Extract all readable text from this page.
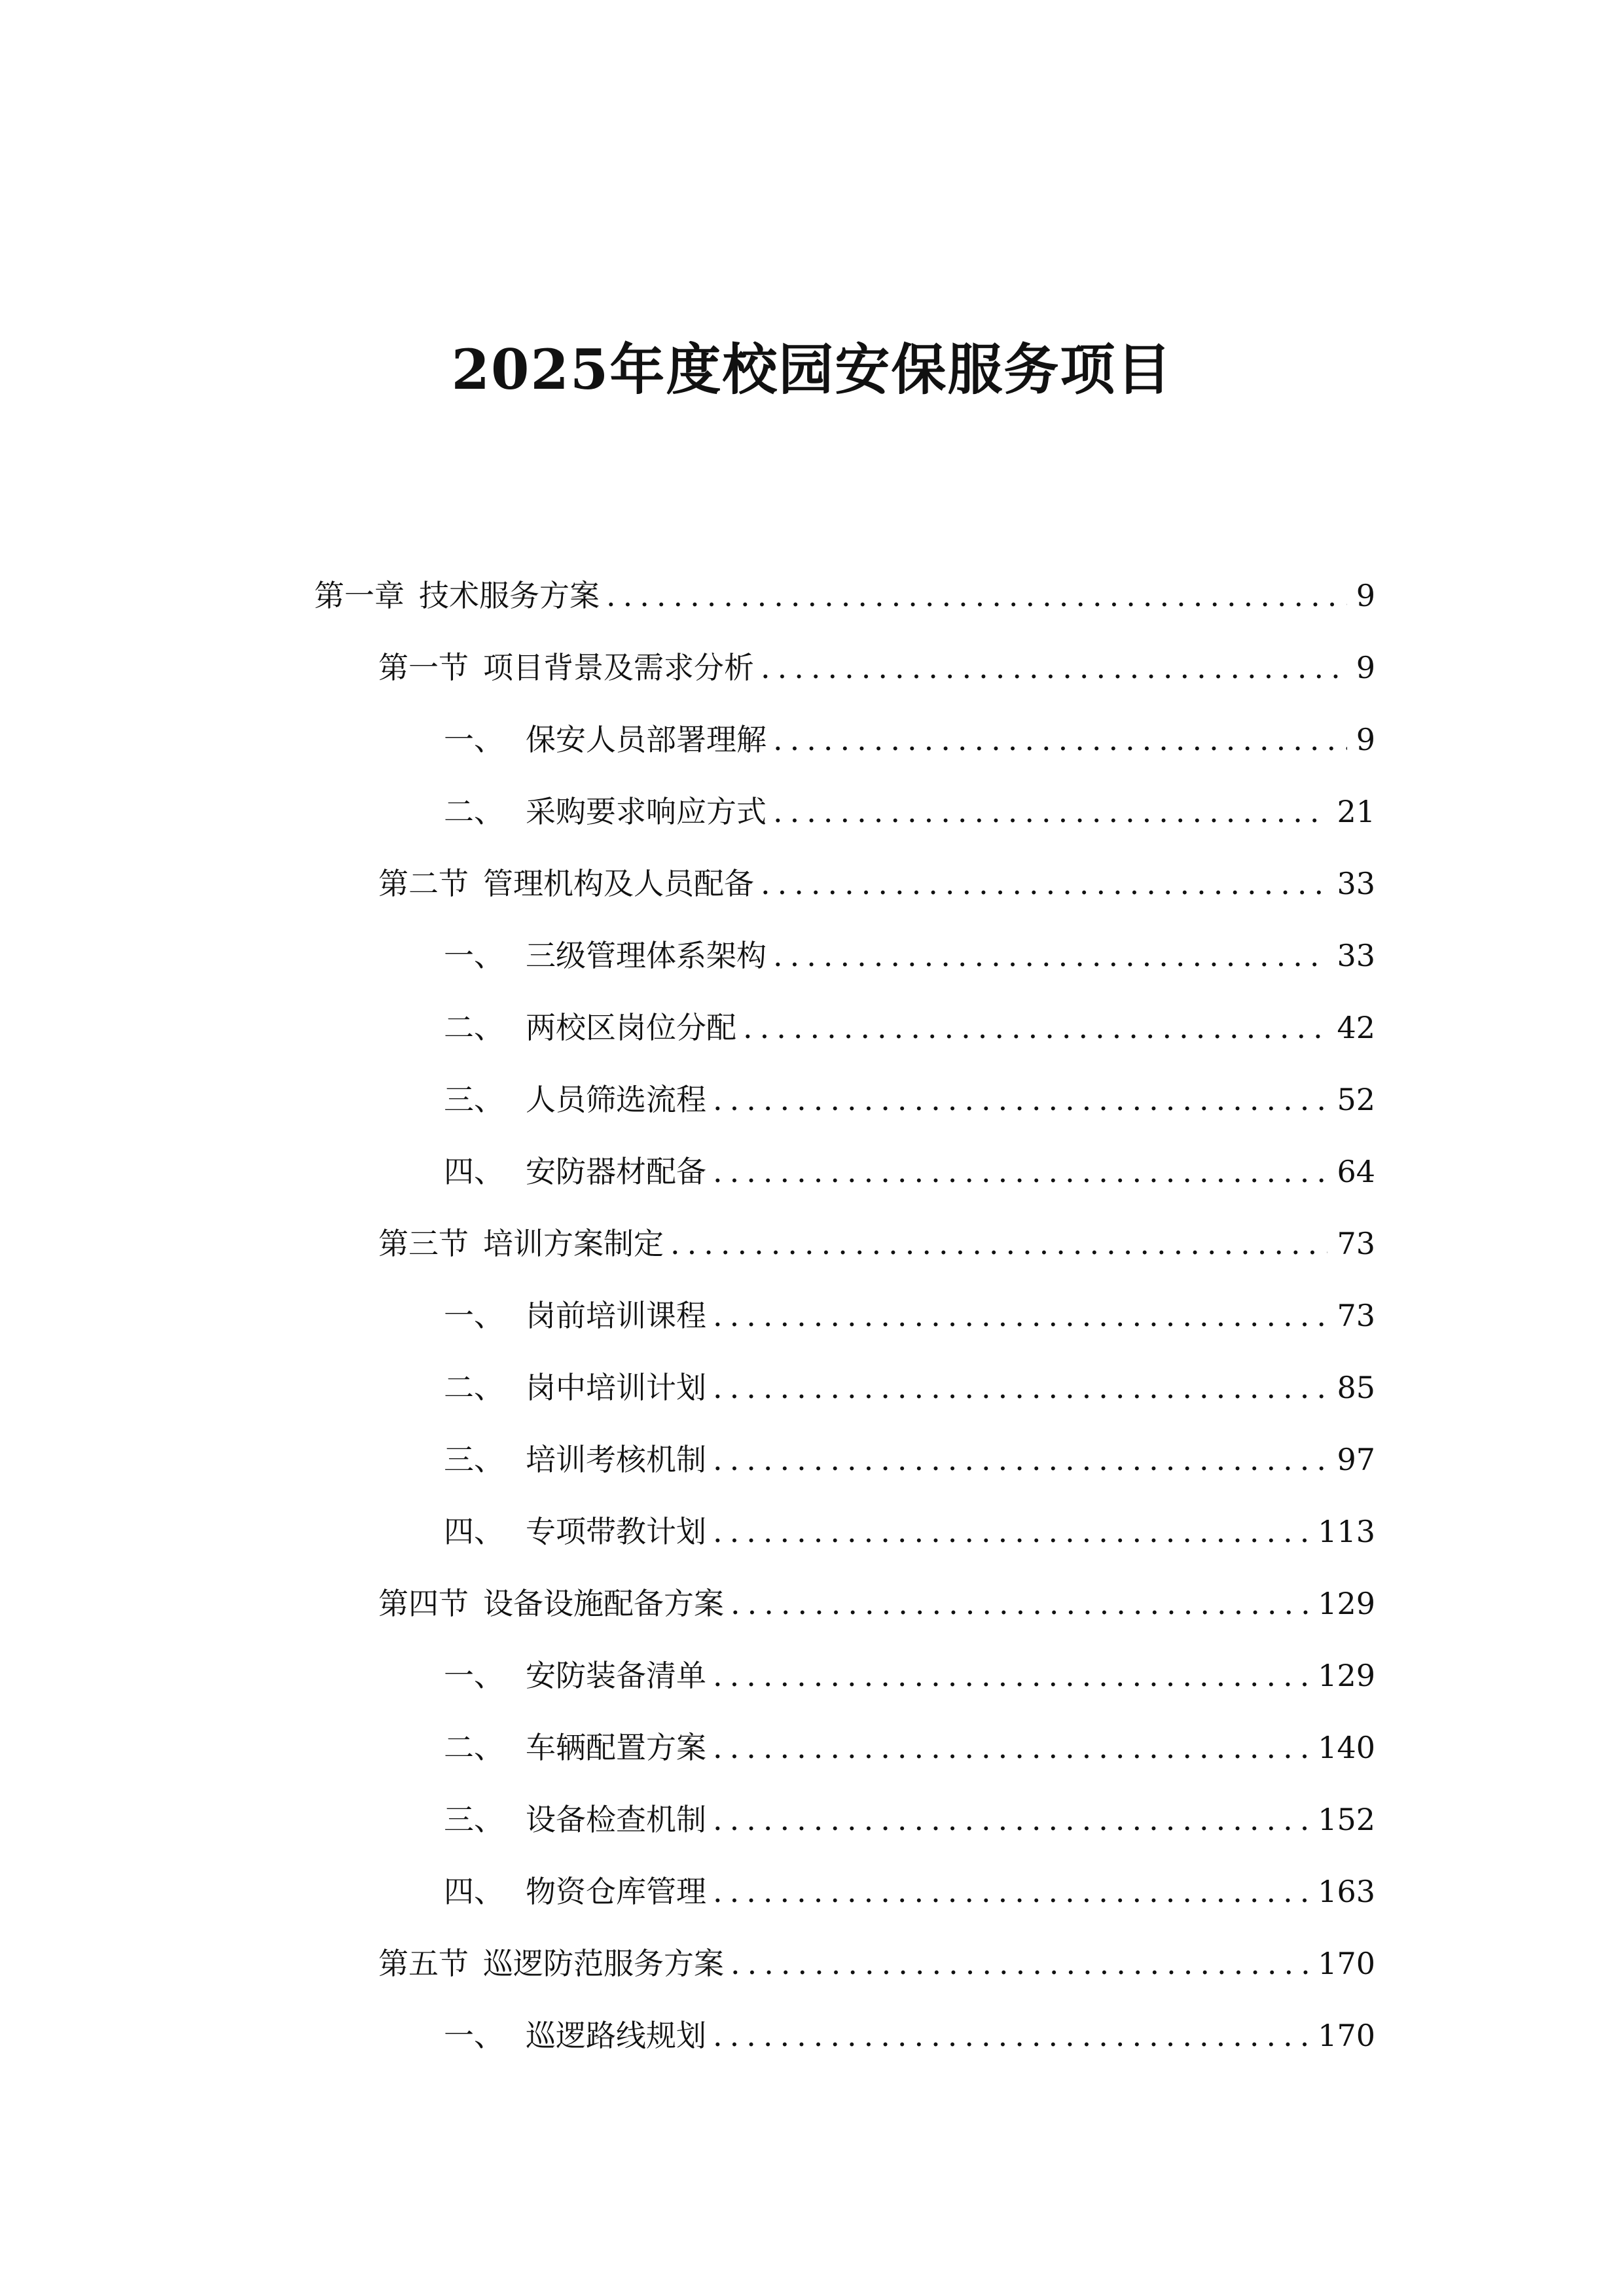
2025年度校园安保服务项目
第一章 技术服务方案 .....	9
第一节 项目背景及需求分析 .....	9
一、 保安人员部署理解 .....	9
二、 采购要求响应方式 .....	21
第二节 管理机构及人员配备 .....	33
一、 三级管理体系架构 .....	33
二、 两校区岗位分配 .....	42
三、 人员筛选流程 .....	52
四、 安防器材配备 .....	64
第三节 培训方案制定 .....	73
一、 岗前培训课程 .....	73
二、 岗中培训计划 .....	85
三、 培训考核机制 .....	97
四、 专项带教计划 .....	113
第四节 设备设施配备方案 .....	129
一、 安防装备清单 .....	129
二、 车辆配置方案 .....	140
三、 设备检查机制 .....	152
四、 物资仓库管理 .....	163
第五节 巡逻防范服务方案 .....	170
一、 巡逻路线规划 .....	170
